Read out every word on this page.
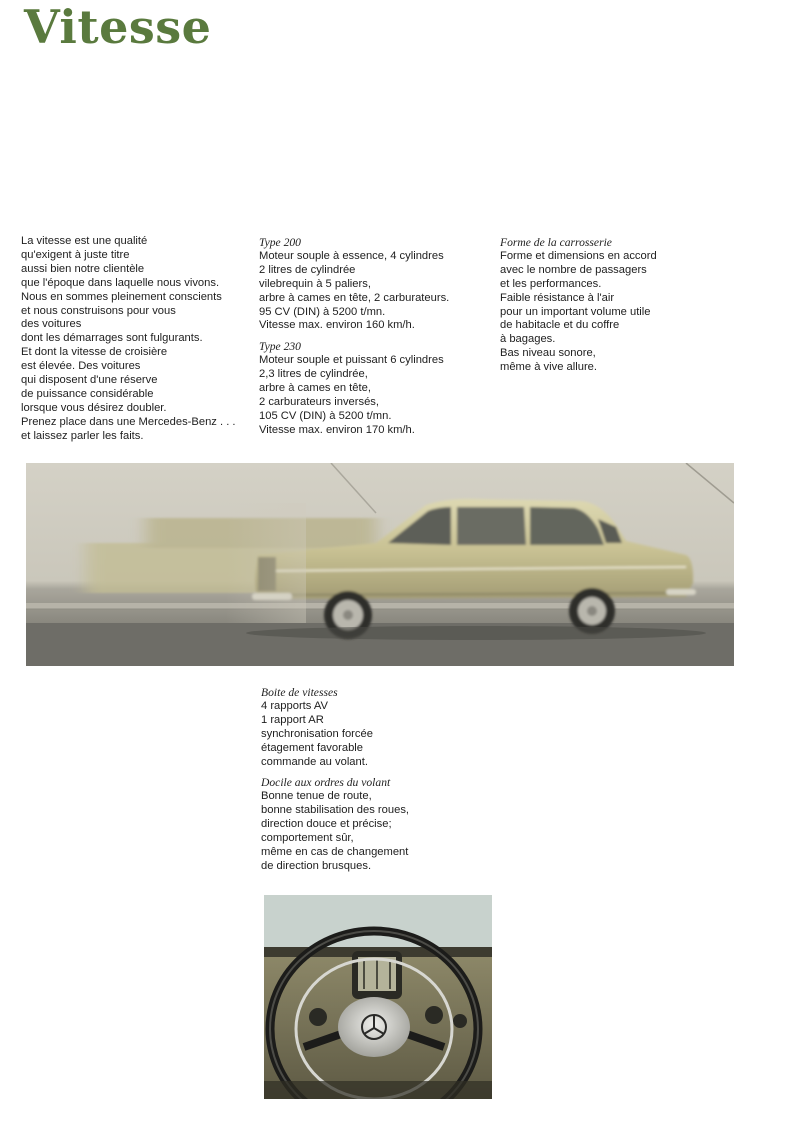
Vitesse
La vitesse est une qualité
qu'exigent à juste titre
aussi bien notre clientèle
que l'époque dans laquelle nous vivons.
Nous en sommes pleinement conscients
et nous construisons pour vous
des voitures
dont les démarrages sont fulgurants.
Et dont la vitesse de croisière
est élevée. Des voitures
qui disposent d'une réserve
de puissance considérable
lorsque vous désirez doubler.
Prenez place dans une Mercedes-Benz . . .
et laissez parler les faits.
Type 200
Moteur souple à essence, 4 cylindres
2 litres de cylindrée
vilebrequin à 5 paliers,
arbre à cames en tête, 2 carburateurs.
95 CV (DIN) à 5200 t/mn.
Vitesse max. environ 160 km/h.
Type 230
Moteur souple et puissant 6 cylindres
2,3 litres de cylindrée,
arbre à cames en tête,
2 carburateurs inversés,
105 CV (DIN) à 5200 t/mn.
Vitesse max. environ 170 km/h.
Forme de la carrosserie
Forme et dimensions en accord
avec le nombre de passagers
et les performances.
Faible résistance à l'air
pour un important volume utile
de habitacle et du coffre
à bagages.
Bas niveau sonore,
même à vive allure.
Boite de vitesses
4 rapports AV
1 rapport AR
synchronisation forcée
étagement favorable
commande au volant.
Docile aux ordres du volant
Bonne tenue de route,
bonne stabilisation des roues,
direction douce et précise;
comportement sûr,
même en cas de changement
de direction brusques.
